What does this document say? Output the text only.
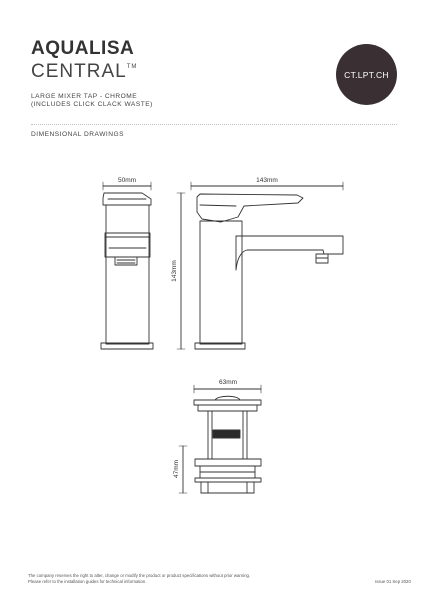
AQUALISA
CENTRAL™
CT.LPT.CH
LARGE MIXER TAP - CHROME
(INCLUDES CLICK CLACK WASTE)
DIMENSIONAL DRAWINGS
50mm	143mm
143mm
63mm
47mm
The company reserves the right to alter, change or modify the product or product specifications without prior warning.
Please refer to the installation guides for technical information.	Issue 01 Sep 2020
